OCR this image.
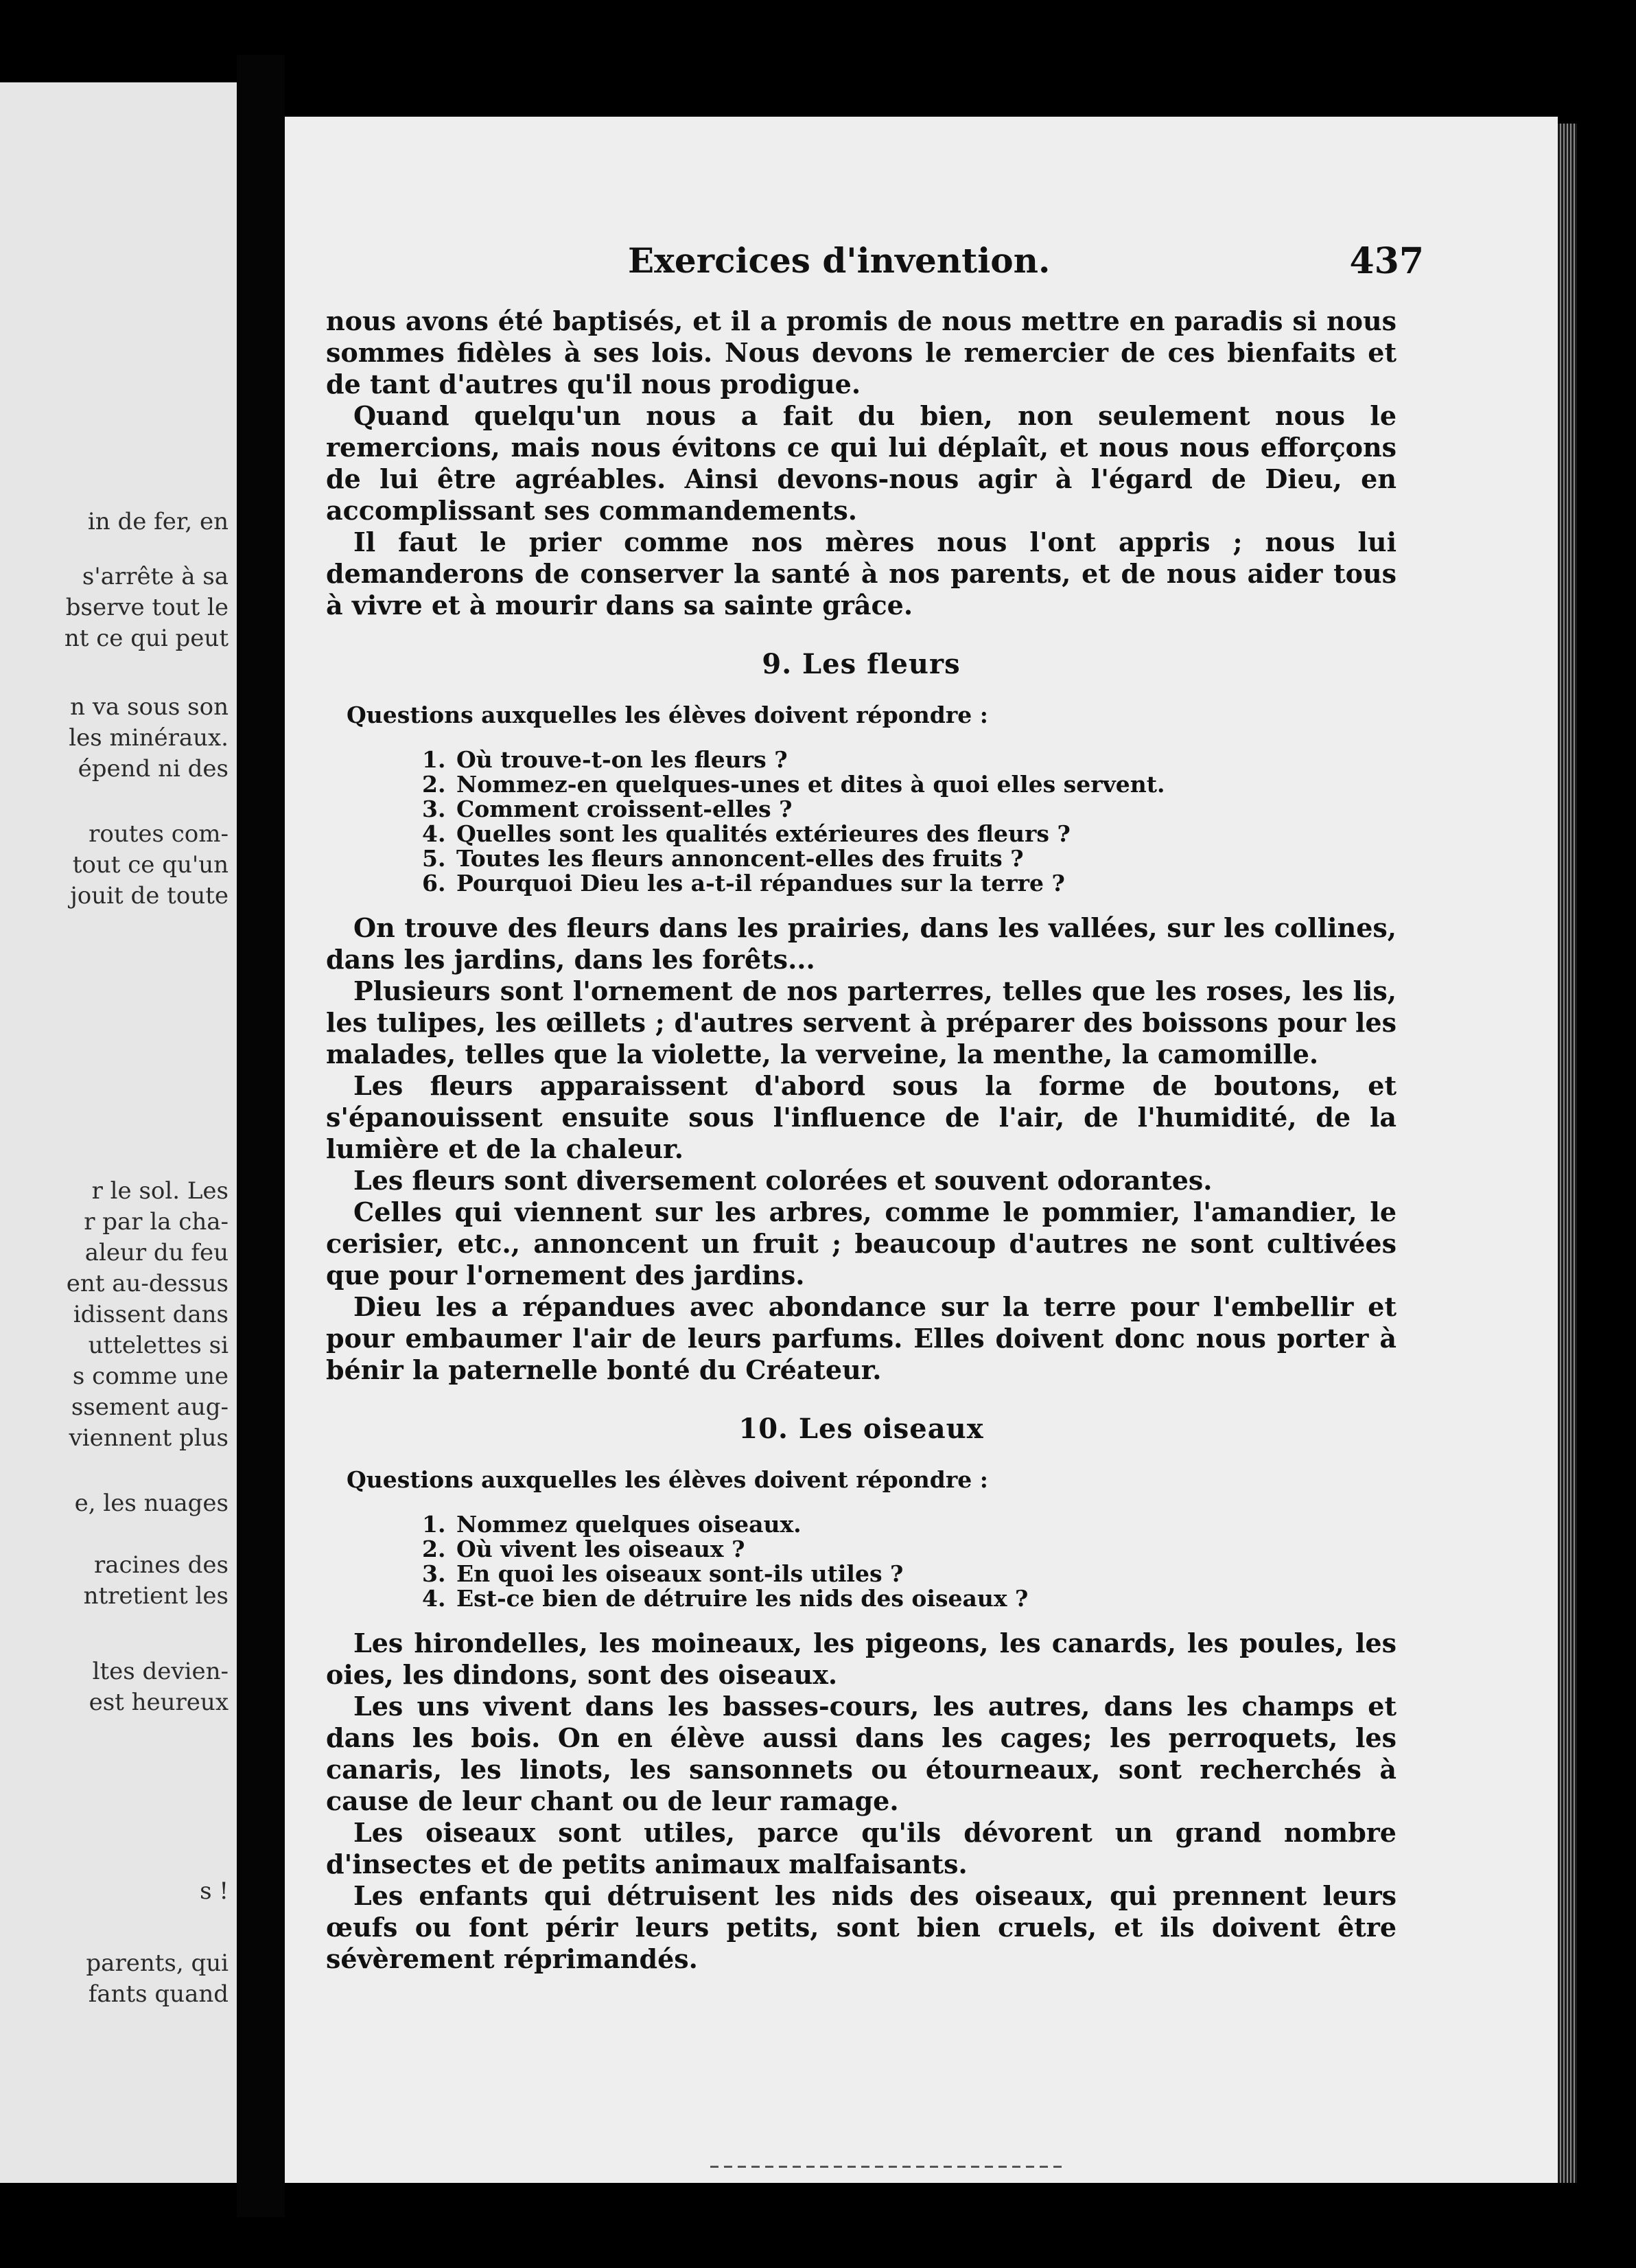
in de fer, en
s'arrête à sa
bserve tout le
nt ce qui peut
n va sous son
les minéraux.
épend ni des
routes com-
tout ce qu'un
jouit de toute
r le sol. Les
r par la cha-
aleur du feu
ent au-dessus
idissent dans
uttelettes si
s comme une
ssement aug-
viennent plus
e, les nuages
racines des
ntretient les
ltes devien-
est heureux
s !
parents, qui
fants quand
Exercices d'invention.	437

nous avons été baptisés, et il a promis de nous mettre en paradis si nous sommes fidèles à ses lois. Nous devons le remercier de ces bienfaits et de tant d'autres qu'il nous prodigue.

Quand quelqu'un nous a fait du bien, non seulement nous le remercions, mais nous évitons ce qui lui déplaît, et nous nous efforçons de lui être agréables. Ainsi devons-nous agir à l'égard de Dieu, en accomplissant ses commandements.

Il faut le prier comme nos mères nous l'ont appris ; nous lui demanderons de conserver la santé à nos parents, et de nous aider tous à vivre et à mourir dans sa sainte grâce.

9. Les fleurs
Questions auxquelles les élèves doivent répondre :
1. Où trouve-t-on les fleurs ?
2. Nommez-en quelques-unes et dites à quoi elles servent.
3. Comment croissent-elles ?
4. Quelles sont les qualités extérieures des fleurs ?
5. Toutes les fleurs annoncent-elles des fruits ?
6. Pourquoi Dieu les a-t-il répandues sur la terre ?

On trouve des fleurs dans les prairies, dans les vallées, sur les collines, dans les jardins, dans les forêts...

Plusieurs sont l'ornement de nos parterres, telles que les roses, les lis, les tulipes, les œillets ; d'autres servent à préparer des boissons pour les malades, telles que la violette, la verveine, la menthe, la camomille.

Les fleurs apparaissent d'abord sous la forme de boutons, et s'épanouissent ensuite sous l'influence de l'air, de l'humidité, de la lumière et de la chaleur.

Les fleurs sont diversement colorées et souvent odorantes.

Celles qui viennent sur les arbres, comme le pommier, l'amandier, le cerisier, etc., annoncent un fruit ; beaucoup d'autres ne sont cultivées que pour l'ornement des jardins.

Dieu les a répandues avec abondance sur la terre pour l'embellir et pour embaumer l'air de leurs parfums. Elles doivent donc nous porter à bénir la paternelle bonté du Créateur.

10. Les oiseaux
Questions auxquelles les élèves doivent répondre :
1. Nommez quelques oiseaux.
2. Où vivent les oiseaux ?
3. En quoi les oiseaux sont-ils utiles ?
4. Est-ce bien de détruire les nids des oiseaux ?

Les hirondelles, les moineaux, les pigeons, les canards, les poules, les oies, les dindons, sont des oiseaux.

Les uns vivent dans les basses-cours, les autres, dans les champs et dans les bois. On en élève aussi dans les cages; les perroquets, les canaris, les linots, les sansonnets ou étourneaux, sont recherchés à cause de leur chant ou de leur ramage.

Les oiseaux sont utiles, parce qu'ils dévorent un grand nombre d'insectes et de petits animaux malfaisants.

Les enfants qui détruisent les nids des oiseaux, qui prennent leurs œufs ou font périr leurs petits, sont bien cruels, et ils doivent être sévèrement réprimandés.
